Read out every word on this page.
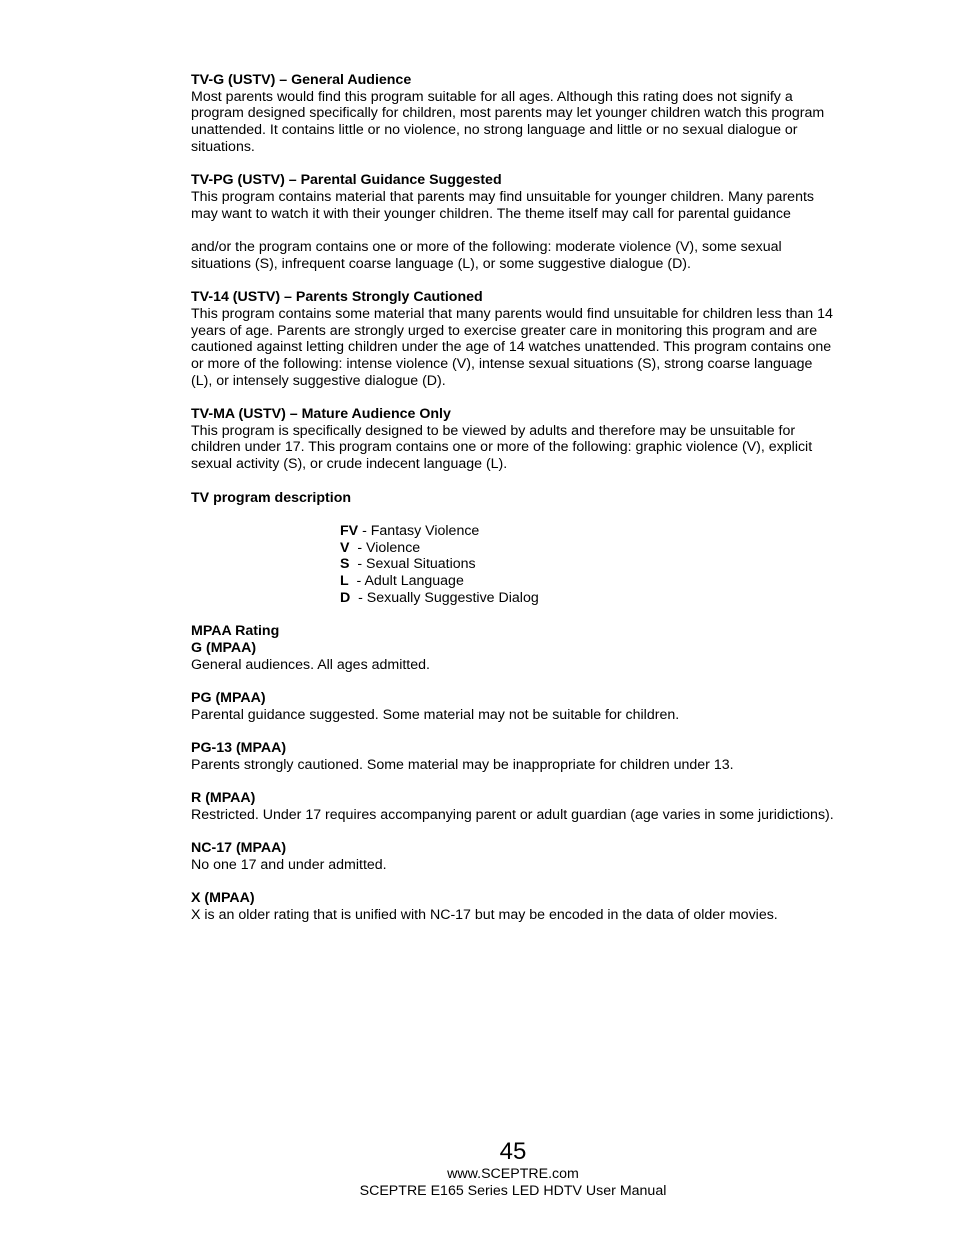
TV-G (USTV) – General Audience
Most parents would find this program suitable for all ages. Although this rating does not signify a program designed specifically for children, most parents may let younger children watch this program unattended. It contains little or no violence, no strong language and little or no sexual dialogue or situations.
TV-PG (USTV) – Parental Guidance Suggested
This program contains material that parents may find unsuitable for younger children. Many parents may want to watch it with their younger children. The theme itself may call for parental guidance
and/or the program contains one or more of the following: moderate violence (V), some sexual situations (S), infrequent coarse language (L), or some suggestive dialogue (D).
TV-14 (USTV) – Parents Strongly Cautioned
This program contains some material that many parents would find unsuitable for children less than 14 years of age. Parents are strongly urged to exercise greater care in monitoring this program and are cautioned against letting children under the age of 14 watches unattended. This program contains one or more of the following: intense violence (V), intense sexual situations (S), strong coarse language (L), or intensely suggestive dialogue (D).
TV-MA (USTV) – Mature Audience Only
This program is specifically designed to be viewed by adults and therefore may be unsuitable for children under 17. This program contains one or more of the following: graphic violence (V), explicit sexual activity (S), or crude indecent language (L).
TV program description
FV - Fantasy Violence
V  - Violence
S  - Sexual Situations
L  - Adult Language
D  - Sexually Suggestive Dialog
MPAA Rating
G (MPAA)
General audiences. All ages admitted.
PG (MPAA)
Parental guidance suggested. Some material may not be suitable for children.
PG-13 (MPAA)
Parents strongly cautioned. Some material may be inappropriate for children under 13.
R (MPAA)
Restricted. Under 17 requires accompanying parent or adult guardian (age varies in some juridictions).
NC-17 (MPAA)
No one 17 and under admitted.
X (MPAA)
X is an older rating that is unified with NC-17 but may be encoded in the data of older movies.
45
www.SCEPTRE.com
SCEPTRE E165 Series LED HDTV User Manual
